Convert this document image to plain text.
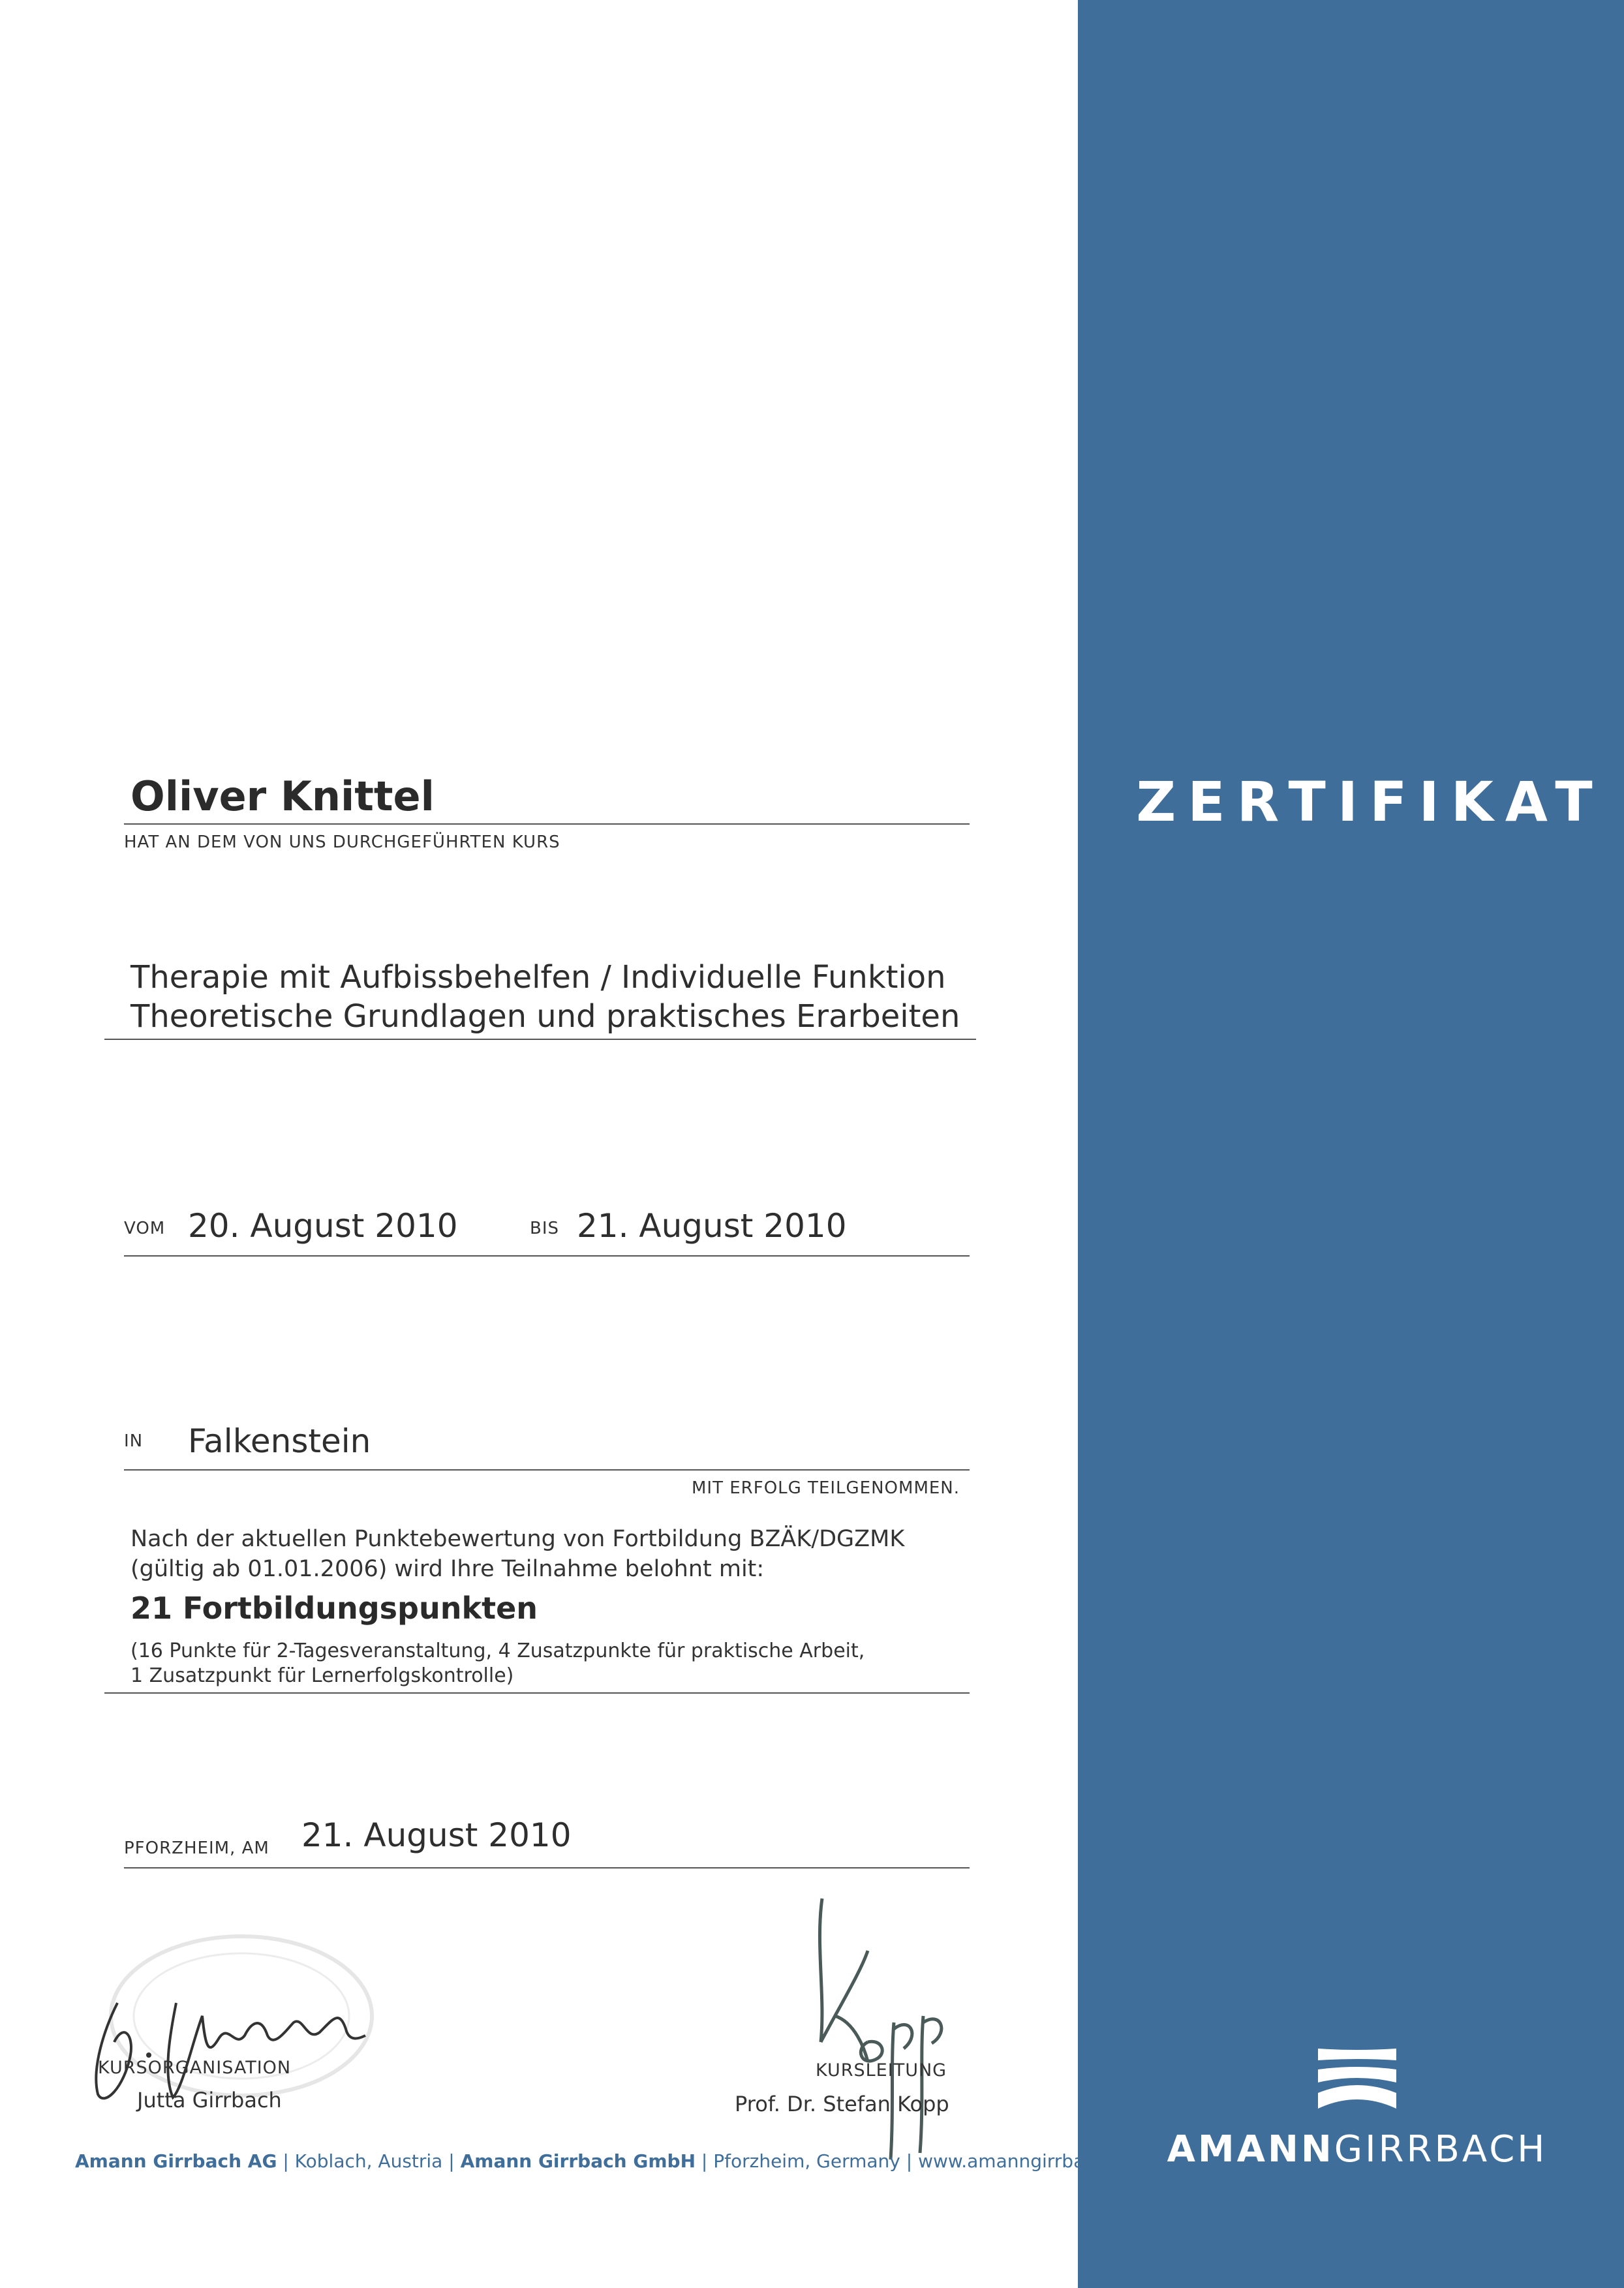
ZERTIFIKAT
AMANNGIRRBACH
Oliver Knittel
HAT AN DEM VON UNS DURCHGEFÜHRTEN KURS
Therapie mit Aufbissbehelfen / Individuelle Funktion
Theoretische Grundlagen und praktisches Erarbeiten
VOM 20. August 2010	BIS 21. August 2010
IN Falkenstein
MIT ERFOLG TEILGENOMMEN.
Nach der aktuellen Punktebewertung von Fortbildung BZÄK/DGZMK
(gültig ab 01.01.2006) wird Ihre Teilnahme belohnt mit:
21 Fortbildungspunkten
(16 Punkte für 2-Tagesveranstaltung, 4 Zusatzpunkte für praktische Arbeit,
1 Zusatzpunkt für Lernerfolgskontrolle)
PFORZHEIM, AM 21. August 2010
KURSORGANISATION
Jutta Girrbach
KURSLEITUNG
Prof. Dr. Stefan Kopp
Amann Girrbach AG | Koblach, Austria | Amann Girrbach GmbH | Pforzheim, Germany | www.amanngirrbach.com
